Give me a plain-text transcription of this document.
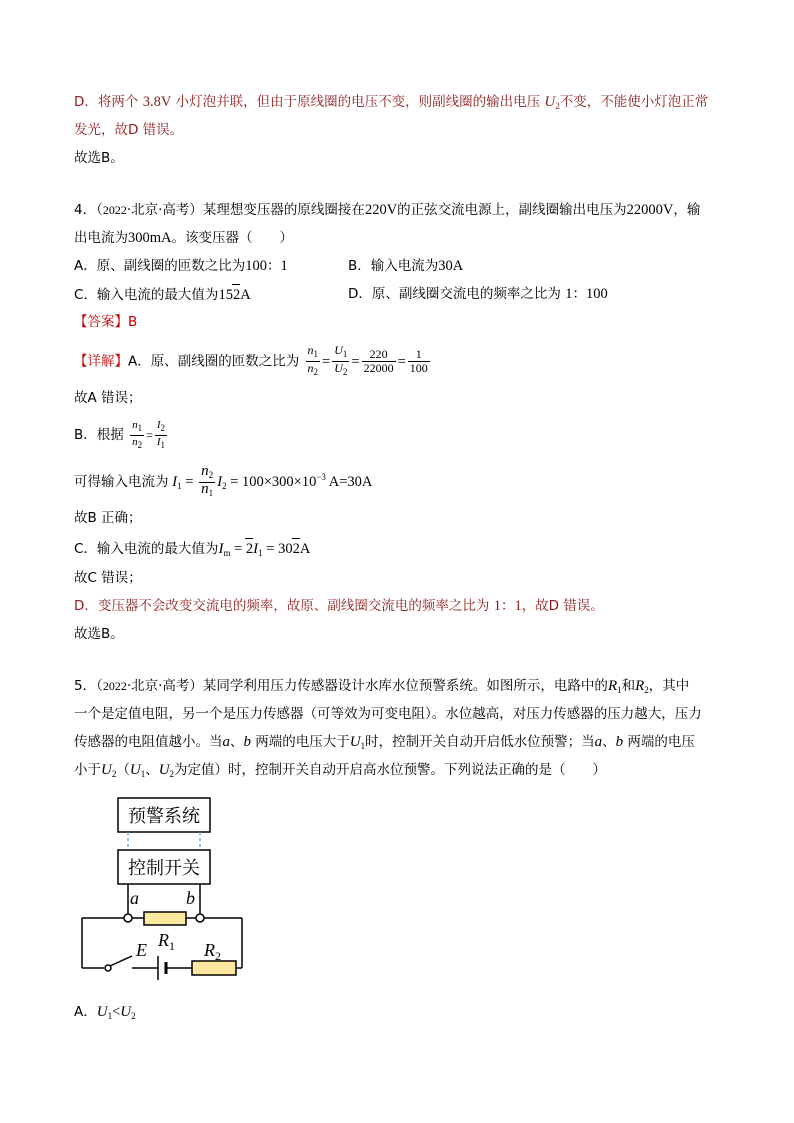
D．将两个 3.8V 小灯泡并联，但由于原线圈的电压不变，则副线圈的输出电压 $U_2$不变，不能使小灯泡正常
发光，故D 错误。
故选B。
4．（2022·北京·高考）某理想变压器的原线圈接在220V的正弦交流电源上，副线圈输出电压为22000V，输
出电流为300mA。该变压器（　　）
A．原、副线圈的匝数之比为100：1	B．输入电流为30A
C．输入电流的最大值为152A	D．原、副线圈交流电的频率之比为 1：100
【答案】B
【详解】A．原、副线圈的匝数之比为 $\frac{n_1}{n_2} = \frac{U_1}{U_2} = \frac{220}{22000} = \frac{1}{100}$
故A 错误；
B．根据 $\frac{n_1}{n_2} = \frac{I_2}{I_1}$
可得输入电流为 $I_1 = \frac{n_2}{n_1} I_2 = 100\times 300\times 10^{-3}$ A=30A
故B 正确；
C．输入电流的最大值为$I_m = 2I_1 = 302A$
故C 错误；
D．变压器不会改变交流电的频率，故原、副线圈交流电的频率之比为 1：1，故D 错误。
故选B。
5．（2022·北京·高考）某同学利用压力传感器设计水库水位预警系统。如图所示，电路中的$R_1$和$R_2$，其中
一个是定值电阻，另一个是压力传感器（可等效为可变电阻）。水位越高，对压力传感器的压力越大，压力
传感器的电阻值越小。当a、b 两端的电压大于$U_1$时，控制开关自动开启低水位预警；当a、b 两端的电压
小于$U_2(U_1$、$U_2$为定值）时，控制开关自动开启高水位预警。下列说法正确的是（　　）
预警系统
控制开关
a	b
$R_1$
E	$R_2$
A．$U_1<U_2$
